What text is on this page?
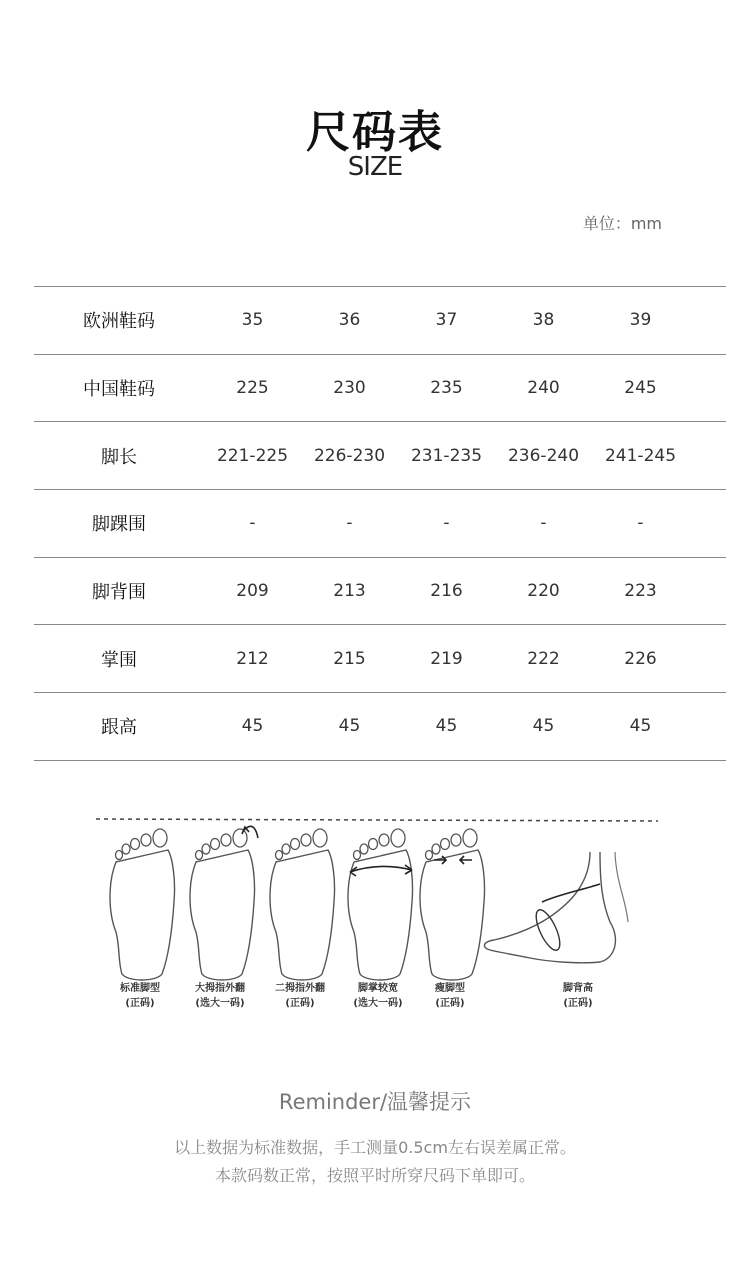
尺码表
SIZE
单位：mm
欧洲鞋码	35	36	37	38	39
中国鞋码	225	230	235	240	245
脚长	221-225	226-230	231-235	236-240	241-245
脚踝围	-	-	-	-	-
脚背围	209	213	216	220	223
掌围	212	215	219	222	226
跟高	45	45	45	45	45
标准脚型
(正码)
大拇指外翻
(选大一码)
二拇指外翻
(正码)
脚掌较宽
(选大一码)
瘦脚型
(正码)
脚背高
(正码)
Reminder/温馨提示
以上数据为标准数据，手工测量0.5cm左右误差属正常。
本款码数正常，按照平时所穿尺码下单即可。
